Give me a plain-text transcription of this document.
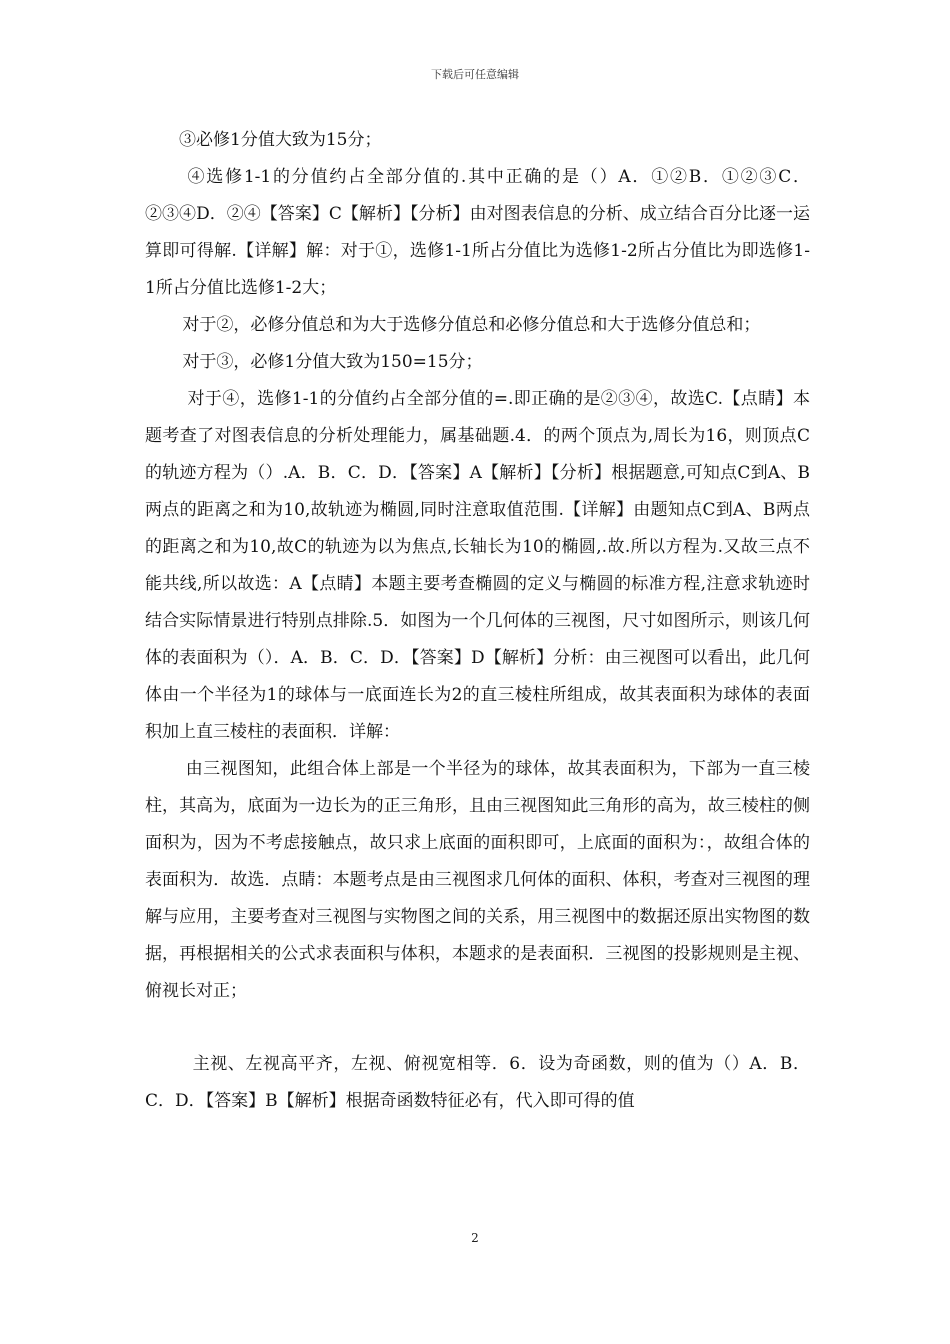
下载后可任意编辑

③必修1分值大致为15分；

④选修1-1的分值约占全部分值的.其中正确的是（）A．①②B．①②③C．②③④D．②④【答案】C【解析】【分析】由对图表信息的分析、成立结合百分比逐一运算即可得解.【详解】解：对于①，选修1-1所占分值比为选修1-2所占分值比为即选修1-1所占分值比选修1-2大；

对于②，必修分值总和为大于选修分值总和必修分值总和大于选修分值总和；

对于③，必修1分值大致为150=15分；

对于④，选修1-1的分值约占全部分值的=.即正确的是②③④，故选C.【点睛】本题考查了对图表信息的分析处理能力，属基础题.4．的两个顶点为,周长为16，则顶点C的轨迹方程为（）.A．B．C．D．【答案】A【解析】【分析】根据题意,可知点C到A、B两点的距离之和为10,故轨迹为椭圆,同时注意取值范围.【详解】由题知点C到A、B两点的距离之和为10,故C的轨迹为以为焦点,长轴长为10的椭圆,.故.所以方程为.又故三点不能共线,所以故选：A【点睛】本题主要考查椭圆的定义与椭圆的标准方程,注意求轨迹时结合实际情景进行特别点排除.5．如图为一个几何体的三视图，尺寸如图所示，则该几何体的表面积为（）．A．B．C．D．【答案】D【解析】分析：由三视图可以看出，此几何体由一个半径为1的球体与一底面连长为2的直三棱柱所组成，故其表面积为球体的表面积加上直三棱柱的表面积．详解：

由三视图知，此组合体上部是一个半径为的球体，故其表面积为，下部为一直三棱柱，其高为，底面为一边长为的正三角形，且由三视图知此三角形的高为，故三棱柱的侧面积为，因为不考虑接触点，故只求上底面的面积即可，上底面的面积为：，故组合体的表面积为．故选．点睛：本题考点是由三视图求几何体的面积、体积，考查对三视图的理解与应用，主要考查对三视图与实物图之间的关系，用三视图中的数据还原出实物图的数据，再根据相关的公式求表面积与体积，本题求的是表面积．三视图的投影规则是主视、俯视长对正；

主视、左视高平齐，左视、俯视宽相等．6．设为奇函数，则的值为（）A．B．C．D．【答案】B【解析】根据奇函数特征必有，代入即可得的值

2
